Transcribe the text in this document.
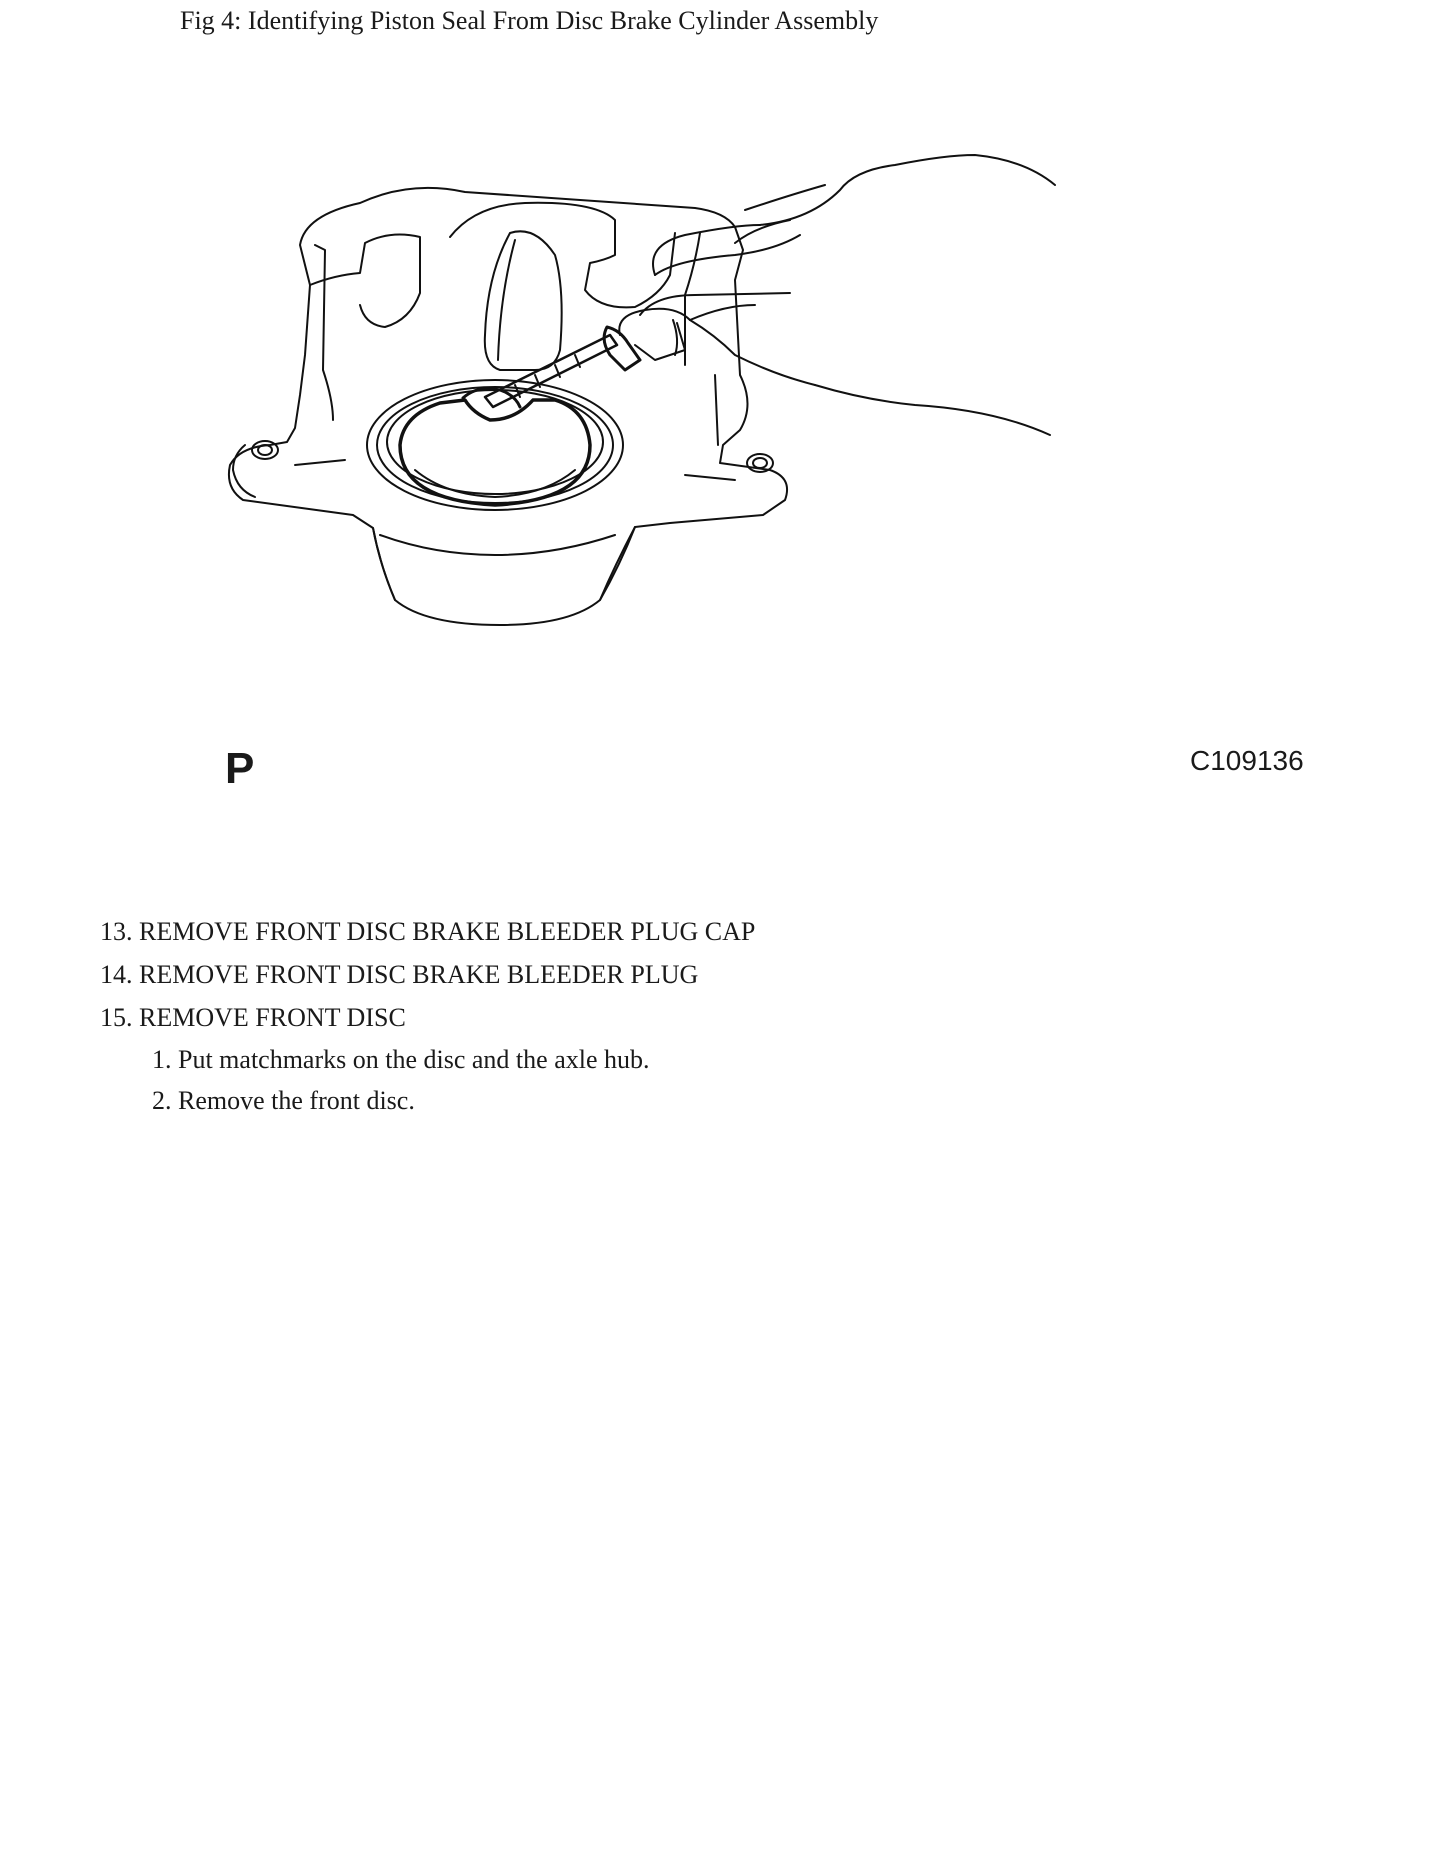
Fig 4: Identifying Piston Seal From Disc Brake Cylinder Assembly
P	C109136
13. REMOVE FRONT DISC BRAKE BLEEDER PLUG CAP
14. REMOVE FRONT DISC BRAKE BLEEDER PLUG
15. REMOVE FRONT DISC
1. Put matchmarks on the disc and the axle hub.
2. Remove the front disc.
